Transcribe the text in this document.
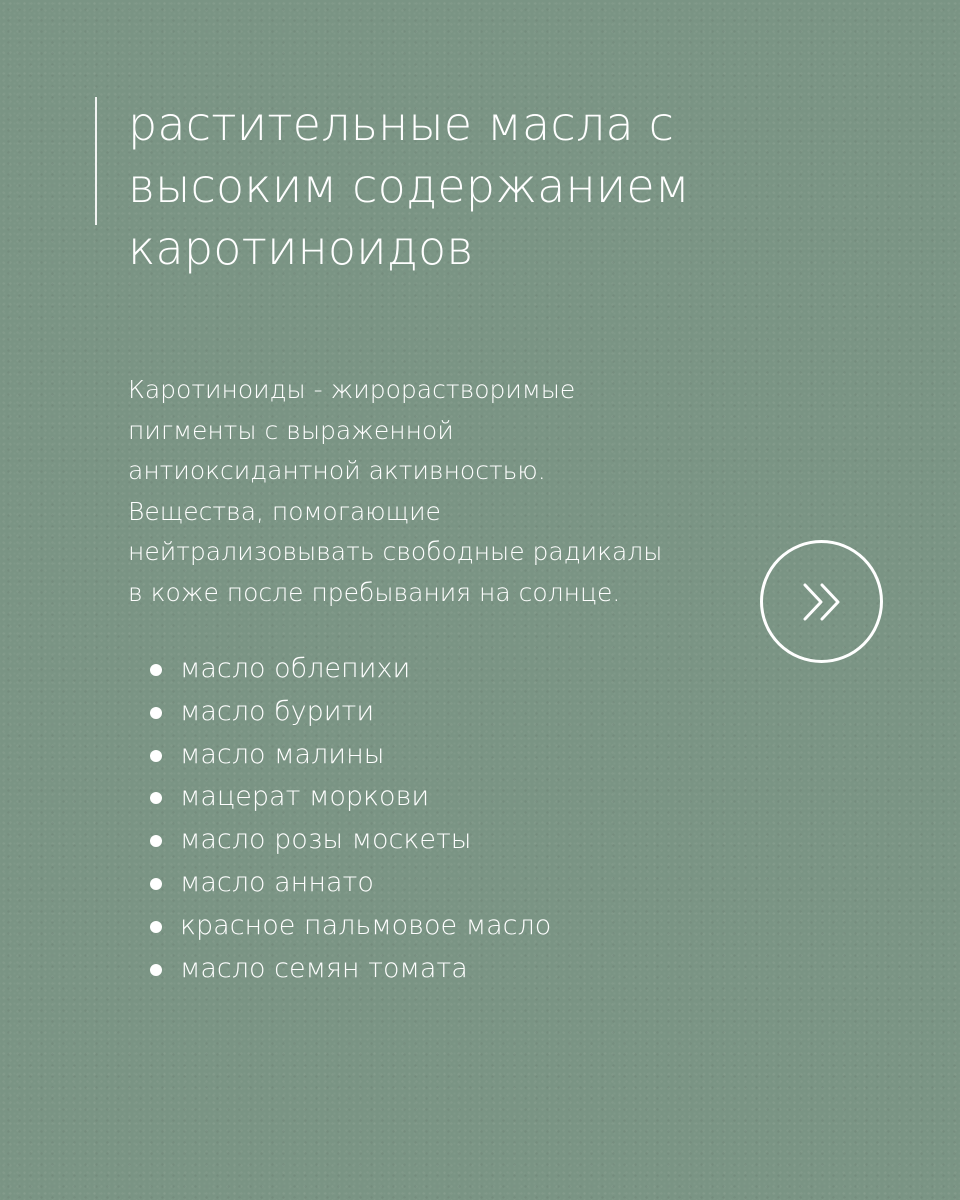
растительные масла с
высоким содержанием
каротиноидов

Каротиноиды - жирорастворимые
пигменты с выраженной
антиоксидантной активностью.
Вещества, помогающие
нейтрализовывать свободные радикалы
в коже после пребывания на солнце.

масло облепихи
масло бурити
масло малины
мацерат моркови
масло розы москеты
масло аннато
красное пальмовое масло
масло семян томата
